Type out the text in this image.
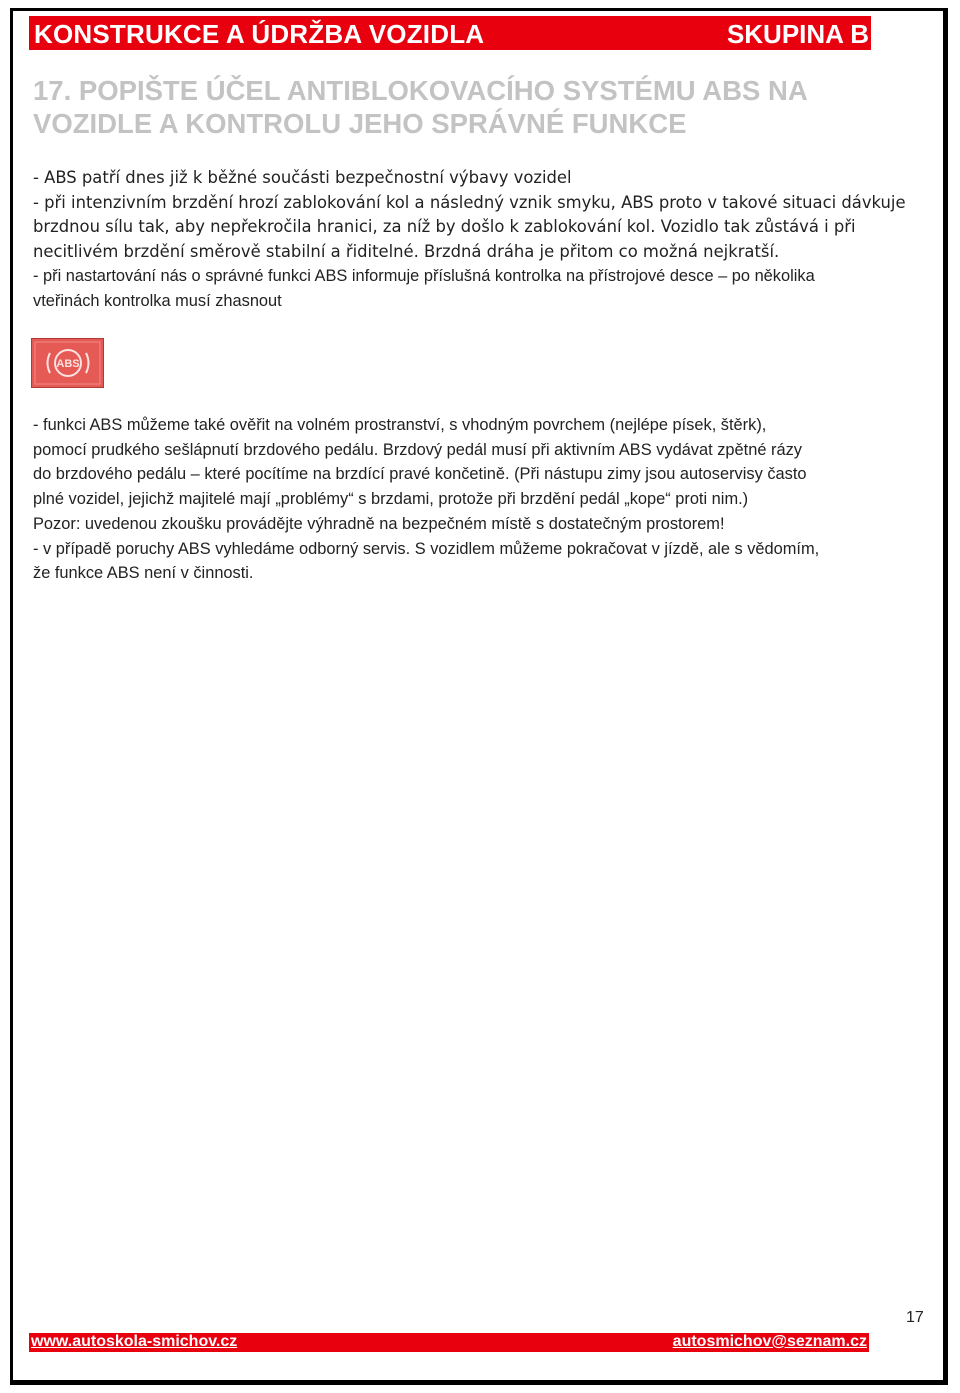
KONSTRUKCE A ÚDRŽBA VOZIDLA	SKUPINA B
17. POPIŠTE ÚČEL ANTIBLOKOVACÍHO SYSTÉMU ABS NA
VOZIDLE A KONTROLU JEHO SPRÁVNÉ FUNKCE
- ABS patří dnes již k běžné součásti bezpečnostní výbavy vozidel
- při intenzivním brzdění hrozí zablokování kol a následný vznik smyku, ABS proto v takové situaci dávkuje
brzdnou sílu tak, aby nepřekročila hranici, za níž by došlo k zablokování kol. Vozidlo tak zůstává i při
necitlivém brzdění směrově stabilní a řiditelné. Brzdná dráha je přitom co možná nejkratší.
- při nastartování nás o správné funkci ABS informuje příslušná kontrolka na přístrojové desce – po několika
vteřinách kontrolka musí zhasnout
ABS
- funkci ABS můžeme také ověřit na volném prostranství, s vhodným povrchem (nejlépe písek, štěrk),
pomocí prudkého sešlápnutí brzdového pedálu. Brzdový pedál musí při aktivním ABS vydávat zpětné rázy
do brzdového pedálu – které pocítíme na brzdící pravé končetině. (Při nástupu zimy jsou autoservisy často
plné vozidel, jejichž majitelé mají „problémy“ s brzdami, protože při brzdění pedál „kope“ proti nim.)
Pozor: uvedenou zkoušku provádějte výhradně na bezpečném místě s dostatečným prostorem!
- v případě poruchy ABS vyhledáme odborný servis. S vozidlem můžeme pokračovat v jízdě, ale s vědomím,
že funkce ABS není v činnosti.
17
www.autoskola-smichov.cz	autosmichov@seznam.cz
